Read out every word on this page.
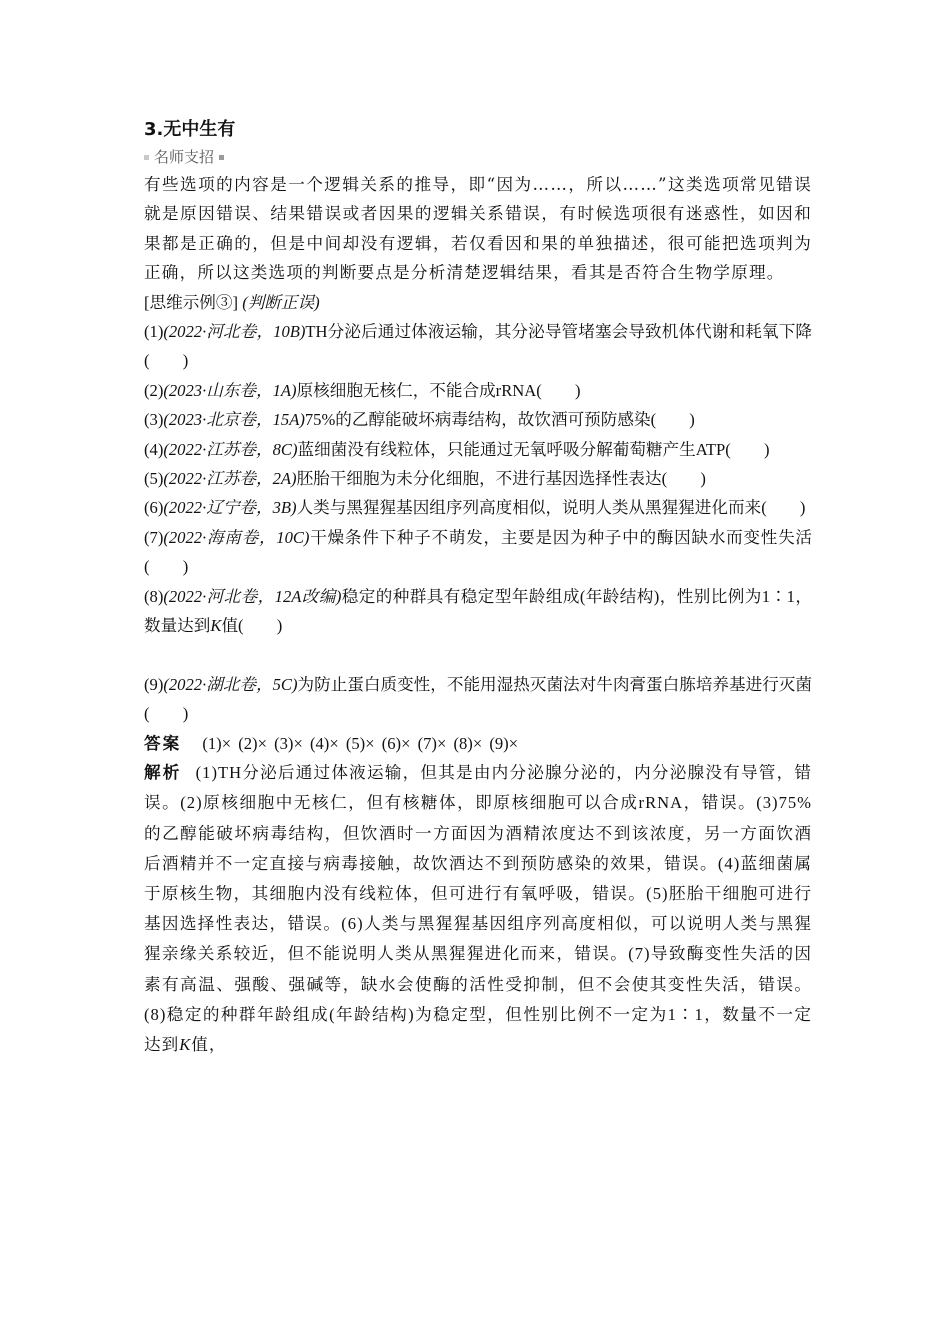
3.无中生有
名师支招

有些选项的内容是一个逻辑关系的推导，即“因为……，所以……”这类选项常见错误就是原因错误、结果错误或者因果的逻辑关系错误，有时候选项很有迷惑性，如因和果都是正确的，但是中间却没有逻辑，若仅看因和果的单独描述，很可能把选项判为正确，所以这类选项的判断要点是分析清楚逻辑结果，看其是否符合生物学原理。

[思维示例③] (判断正误)

(1)(2022·河北卷，10B)TH分泌后通过体液运输，其分泌导管堵塞会导致机体代谢和耗氧下降(　　)
(2)(2023·山东卷，1A)原核细胞无核仁，不能合成rRNA(　　)
(3)(2023·北京卷，15A)75%的乙醇能破坏病毒结构，故饮酒可预防感染(　　)
(4)(2022·江苏卷，8C)蓝细菌没有线粒体，只能通过无氧呼吸分解葡萄糖产生ATP(　　)
(5)(2022·江苏卷，2A)胚胎干细胞为未分化细胞，不进行基因选择性表达(　　)
(6)(2022·辽宁卷，3B)人类与黑猩猩基因组序列高度相似，说明人类从黑猩猩进化而来(　　)
(7)(2022·海南卷，10C)干燥条件下种子不萌发，主要是因为种子中的酶因缺水而变性失活(　　)
(8)(2022·河北卷，12A改编)稳定的种群具有稳定型年龄组成(年龄结构)，性别比例为1∶1，数量达到K值(　　)
(9)(2022·湖北卷，5C)为防止蛋白质变性，不能用湿热灭菌法对牛肉膏蛋白胨培养基进行灭菌(　　)

答案 (1)× (2)× (3)× (4)× (5)× (6)× (7)× (8)× (9)×

解析 (1)TH分泌后通过体液运输，但其是由内分泌腺分泌的，内分泌腺没有导管，错误。(2)原核细胞中无核仁，但有核糖体，即原核细胞可以合成rRNA，错误。(3)75%的乙醇能破坏病毒结构，但饮酒时一方面因为酒精浓度达不到该浓度，另一方面饮酒后酒精并不一定直接与病毒接触，故饮酒达不到预防感染的效果，错误。(4)蓝细菌属于原核生物，其细胞内没有线粒体，但可进行有氧呼吸，错误。(5)胚胎干细胞可进行基因选择性表达，错误。(6)人类与黑猩猩基因组序列高度相似，可以说明人类与黑猩猩亲缘关系较近，但不能说明人类从黑猩猩进化而来，错误。(7)导致酶变性失活的因素有高温、强酸、强碱等，缺水会使酶的活性受抑制，但不会使其变性失活，错误。(8)稳定的种群年龄组成(年龄结构)为稳定型，但性别比例不一定为1∶1，数量不一定达到K值，
